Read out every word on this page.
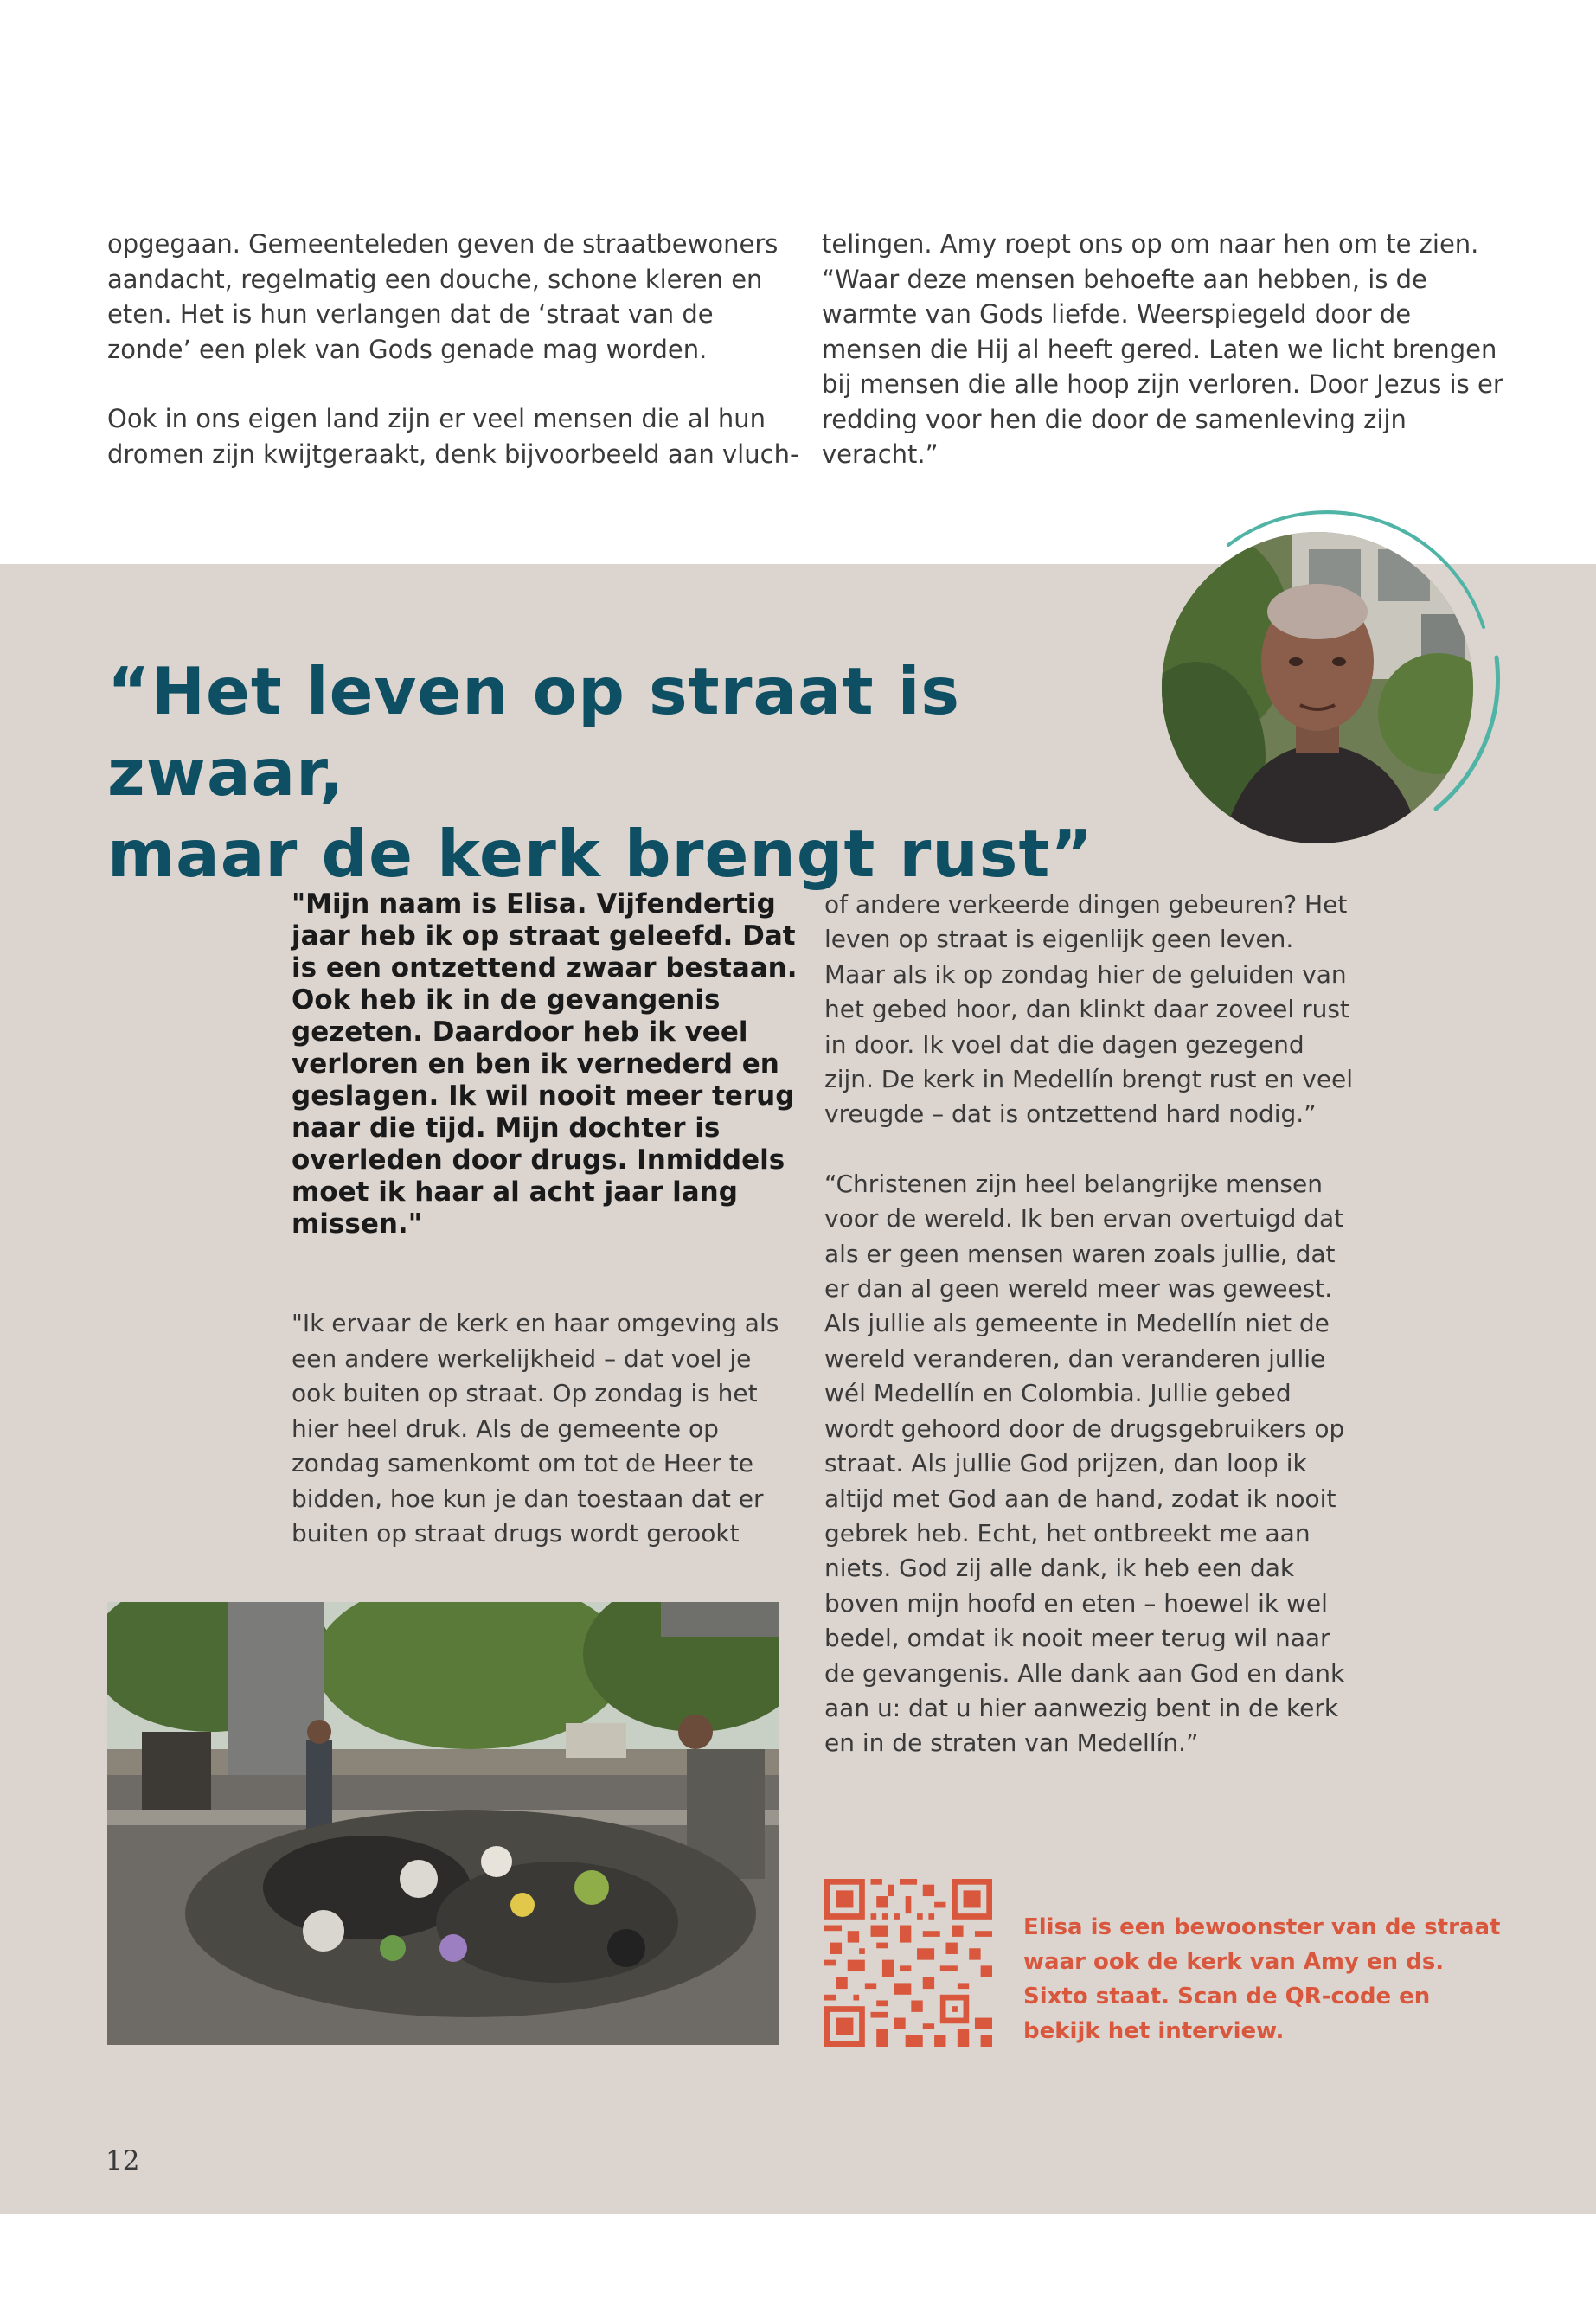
opgegaan. Gemeenteleden geven de straatbewoners aandacht, regelmatig een douche, schone kleren en eten. Het is hun verlangen dat de ‘straat van de zonde’ een plek van Gods genade mag worden.

Ook in ons eigen land zijn er veel mensen die al hun dromen zijn kwijtgeraakt, denk bijvoorbeeld aan vluch-

telingen. Amy roept ons op om naar hen om te zien. “Waar deze mensen behoefte aan hebben, is de warmte van Gods liefde. Weerspiegeld door de mensen die Hij al heeft gered. Laten we licht brengen bij mensen die alle hoop zijn verloren. Door Jezus is er redding voor hen die door de samenleving zijn veracht.”

“Het leven op straat is zwaar,
maar de kerk brengt rust”
"Mijn naam is Elisa. Vijfendertig jaar heb ik op straat geleefd. Dat is een ontzettend zwaar bestaan. Ook heb ik in de gevangenis gezeten. Daardoor heb ik veel verloren en ben ik vernederd en geslagen. Ik wil nooit meer terug naar die tijd. Mijn dochter is overleden door drugs. Inmiddels moet ik haar al acht jaar lang missen."

"Ik ervaar de kerk en haar omgeving als een andere werkelijkheid – dat voel je ook buiten op straat. Op zondag is het hier heel druk. Als de gemeente op zondag samenkomt om tot de Heer te bidden, hoe kun je dan toestaan dat er buiten op straat drugs wordt gerookt

of andere verkeerde dingen gebeuren? Het leven op straat is eigenlijk geen leven. Maar als ik op zondag hier de geluiden van het gebed hoor, dan klinkt daar zoveel rust in door. Ik voel dat die dagen gezegend zijn. De kerk in Medellín brengt rust en veel vreugde – dat is ontzettend hard nodig.”

“Christenen zijn heel belangrijke mensen voor de wereld. Ik ben ervan overtuigd dat als er geen mensen waren zoals jullie, dat er dan al geen wereld meer was geweest. Als jullie als gemeente in Medellín niet de wereld veranderen, dan veranderen jullie wél Medellín en Colombia. Jullie gebed wordt gehoord door de drugsgebruikers op straat. Als jullie God prijzen, dan loop ik altijd met God aan de hand, zodat ik nooit gebrek heb. Echt, het ontbreekt me aan niets. God zij alle dank, ik heb een dak boven mijn hoofd en eten – hoewel ik wel bedel, omdat ik nooit meer terug wil naar de gevangenis. Alle dank aan God en dank aan u: dat u hier aanwezig bent in de kerk en in de straten van Medellín.”

Elisa is een bewoonster van de straat waar ook de kerk van Amy en ds. Sixto staat. Scan de QR-code en bekijk het interview.
12
